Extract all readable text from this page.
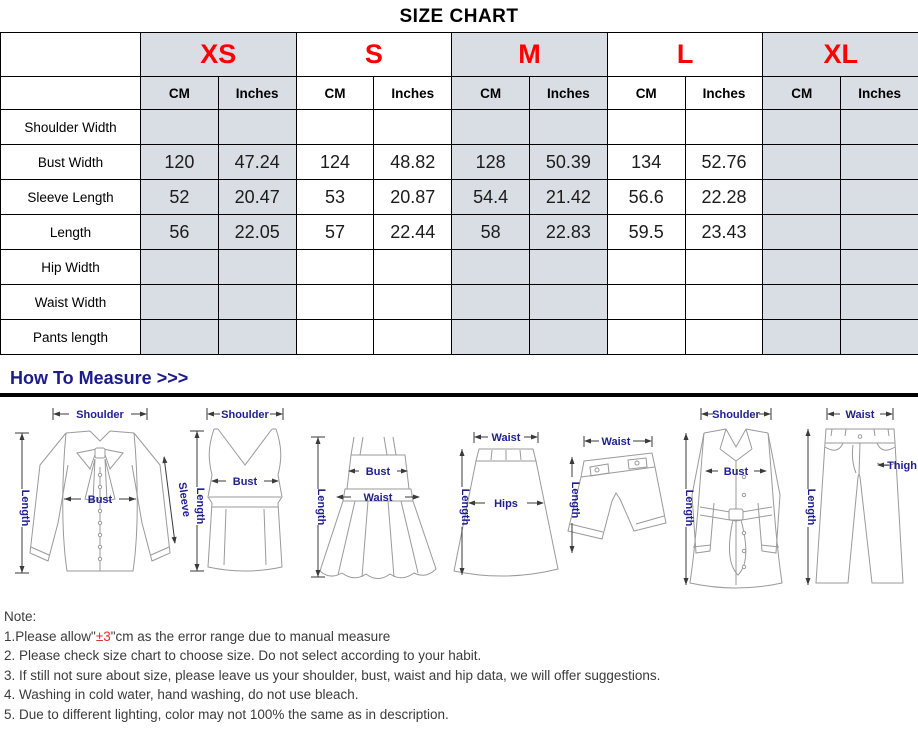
SIZE CHART
	XS		S		M		L		XL	
	CM	Inches	CM	Inches	CM	Inches	CM	Inches	CM	Inches
Shoulder Width										
Bust Width	120	47.24	124	48.82	128	50.39	134	52.76		
Sleeve Length	52	20.47	53	20.87	54.4	21.42	56.6	22.28		
Length	56	22.05	57	22.44	58	22.83	59.5	23.43		
Hip Width										
Waist Width										
Pants length										
How To Measure >>>
Shoulder
Bust
Length	Sleeve
Shoulder
Bust
Length
Bust
Waist
Length
Waist
Hips
Length
Waist
Length
Shoulder
Bust
Length
Waist
Thigh
Length
Note:
1.Please allow"±3"cm as the error range due to manual measure
2. Please check size chart to choose size. Do not select according to your habit.
3. If still not sure about size, please leave us your shoulder, bust, waist and hip data, we will offer suggestions.
4. Washing in cold water, hand washing, do not use bleach.
5. Due to different lighting, color may not 100% the same as in description.
